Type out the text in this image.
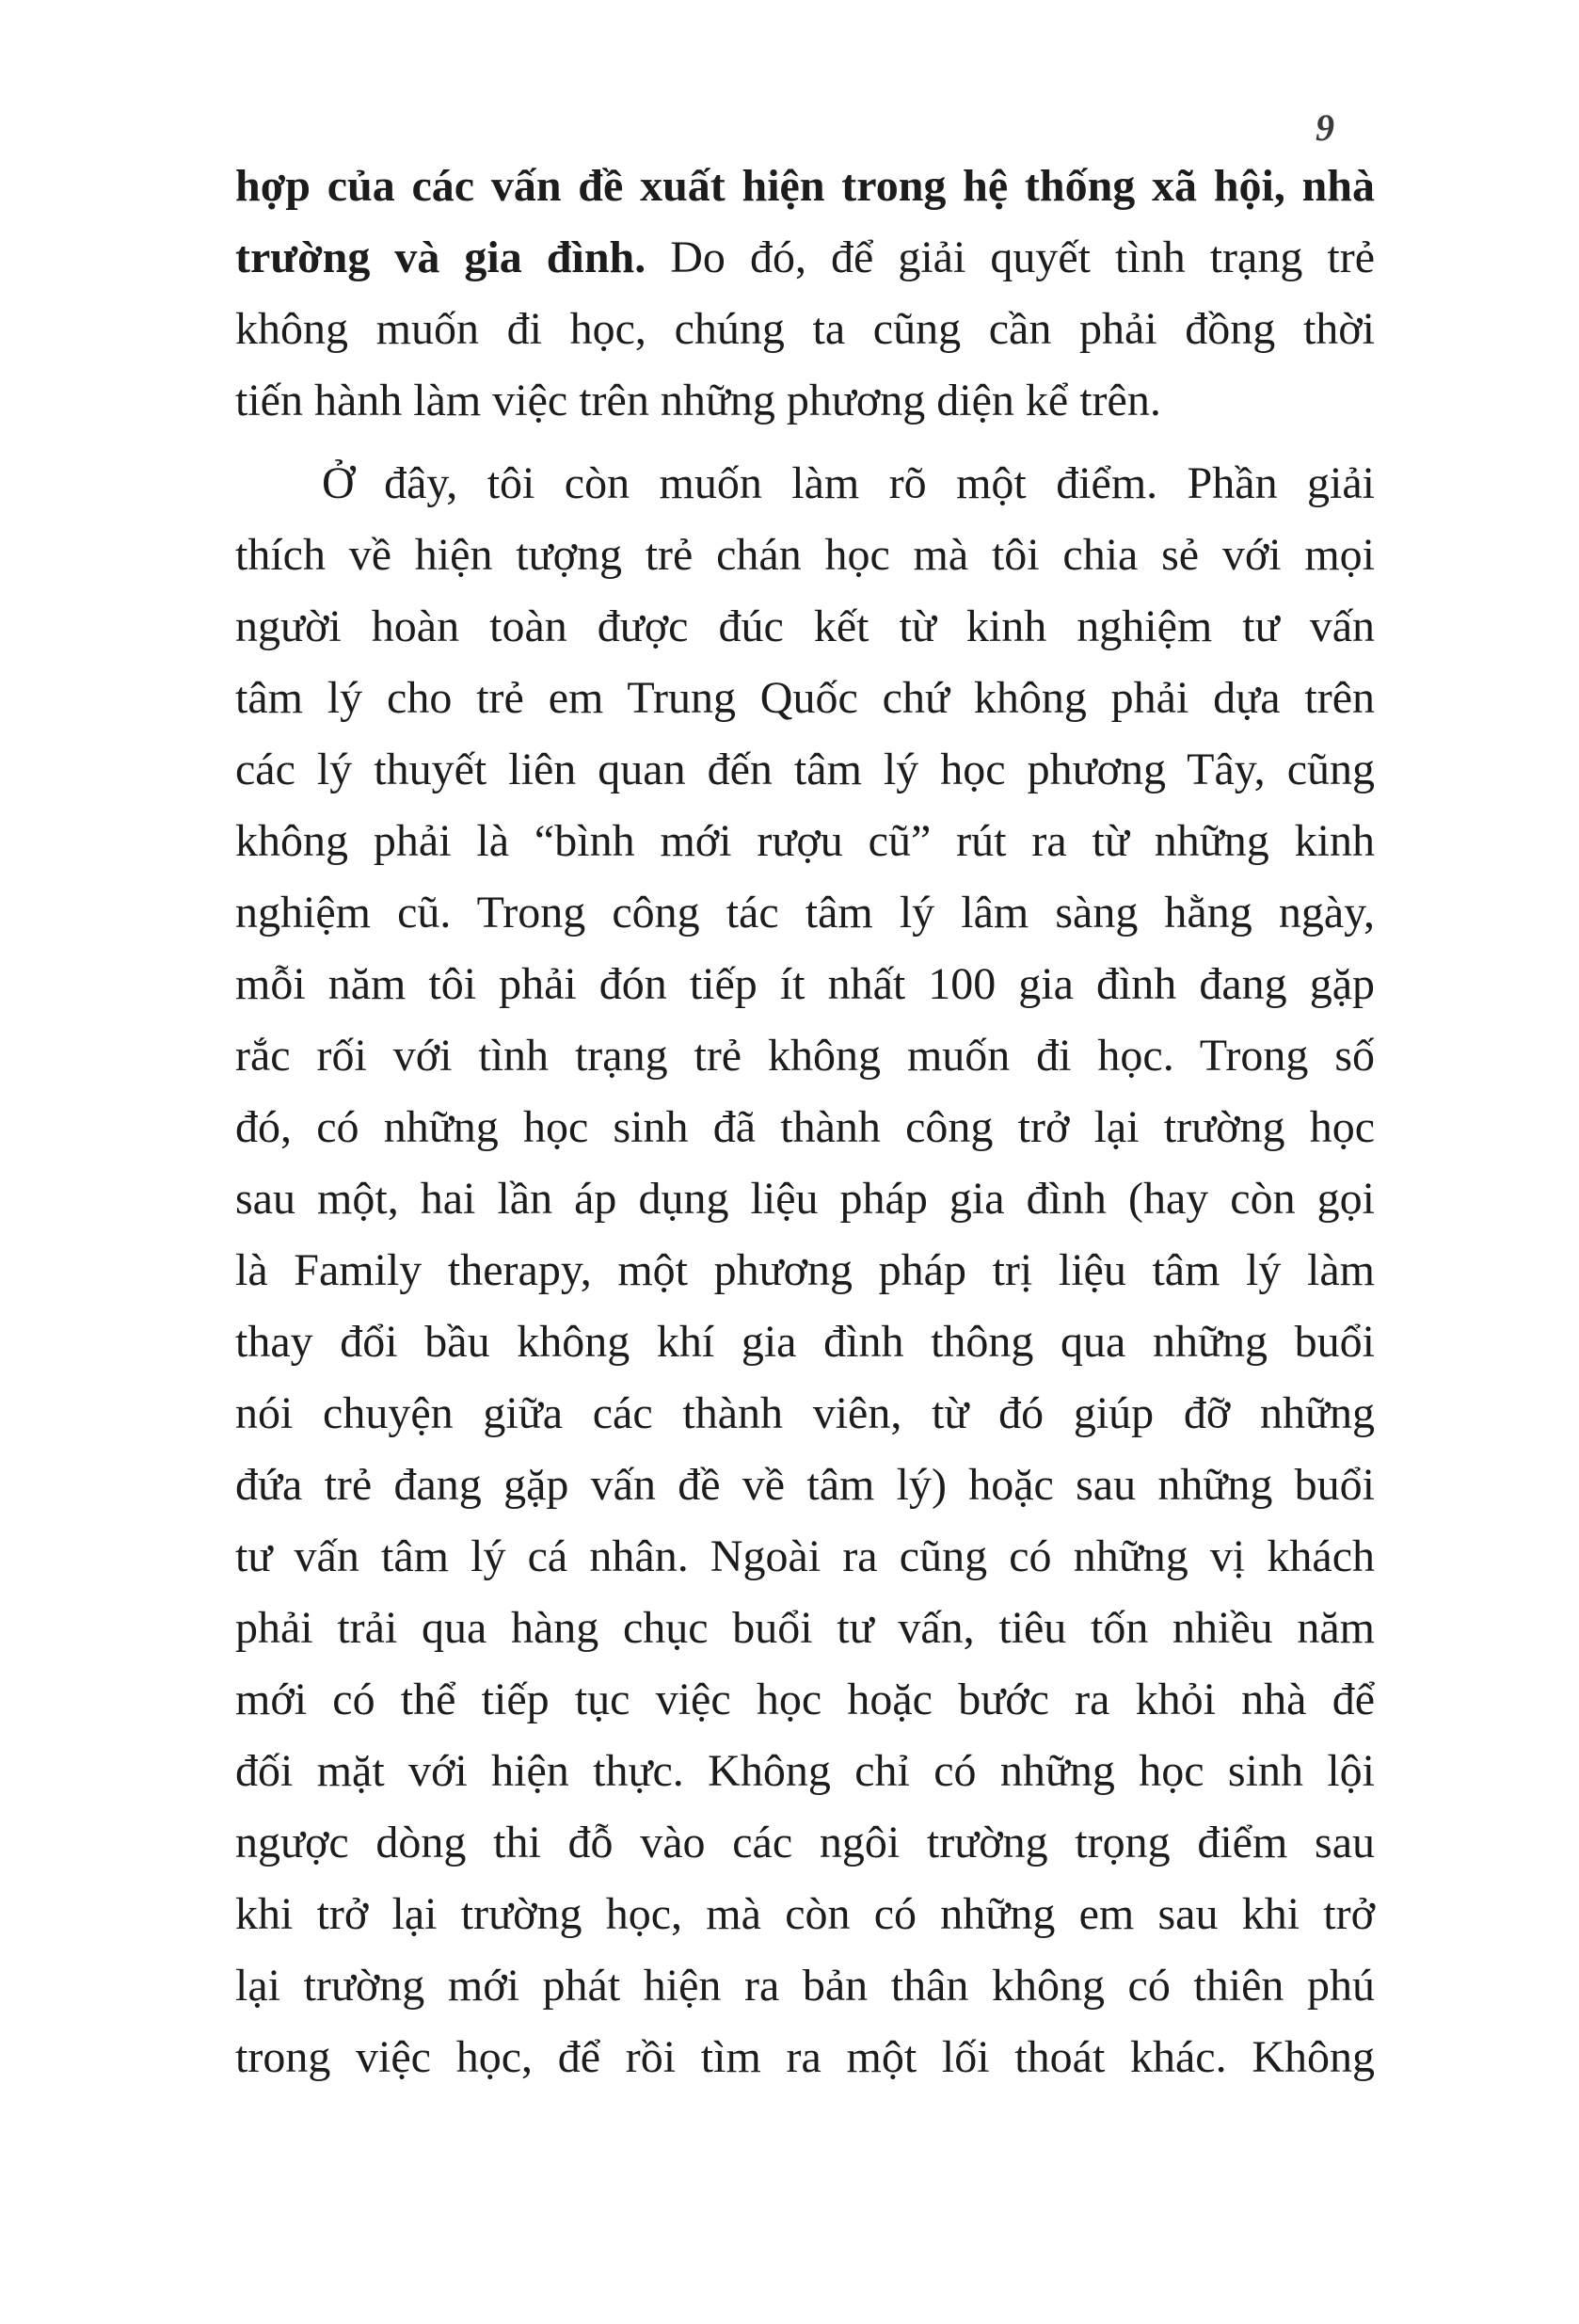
9
hợp của các vấn đề xuất hiện trong hệ thống xã hội, nhà
trường và gia đình. Do đó, để giải quyết tình trạng trẻ
không muốn đi học, chúng ta cũng cần phải đồng thời
tiến hành làm việc trên những phương diện kể trên.
Ở đây, tôi còn muốn làm rõ một điểm. Phần giải
thích về hiện tượng trẻ chán học mà tôi chia sẻ với mọi
người hoàn toàn được đúc kết từ kinh nghiệm tư vấn
tâm lý cho trẻ em Trung Quốc chứ không phải dựa trên
các lý thuyết liên quan đến tâm lý học phương Tây, cũng
không phải là “bình mới rượu cũ” rút ra từ những kinh
nghiệm cũ. Trong công tác tâm lý lâm sàng hằng ngày,
mỗi năm tôi phải đón tiếp ít nhất 100 gia đình đang gặp
rắc rối với tình trạng trẻ không muốn đi học. Trong số
đó, có những học sinh đã thành công trở lại trường học
sau một, hai lần áp dụng liệu pháp gia đình (hay còn gọi
là Family therapy, một phương pháp trị liệu tâm lý làm
thay đổi bầu không khí gia đình thông qua những buổi
nói chuyện giữa các thành viên, từ đó giúp đỡ những
đứa trẻ đang gặp vấn đề về tâm lý) hoặc sau những buổi
tư vấn tâm lý cá nhân. Ngoài ra cũng có những vị khách
phải trải qua hàng chục buổi tư vấn, tiêu tốn nhiều năm
mới có thể tiếp tục việc học hoặc bước ra khỏi nhà để
đối mặt với hiện thực. Không chỉ có những học sinh lội
ngược dòng thi đỗ vào các ngôi trường trọng điểm sau
khi trở lại trường học, mà còn có những em sau khi trở
lại trường mới phát hiện ra bản thân không có thiên phú
trong việc học, để rồi tìm ra một lối thoát khác. Không
